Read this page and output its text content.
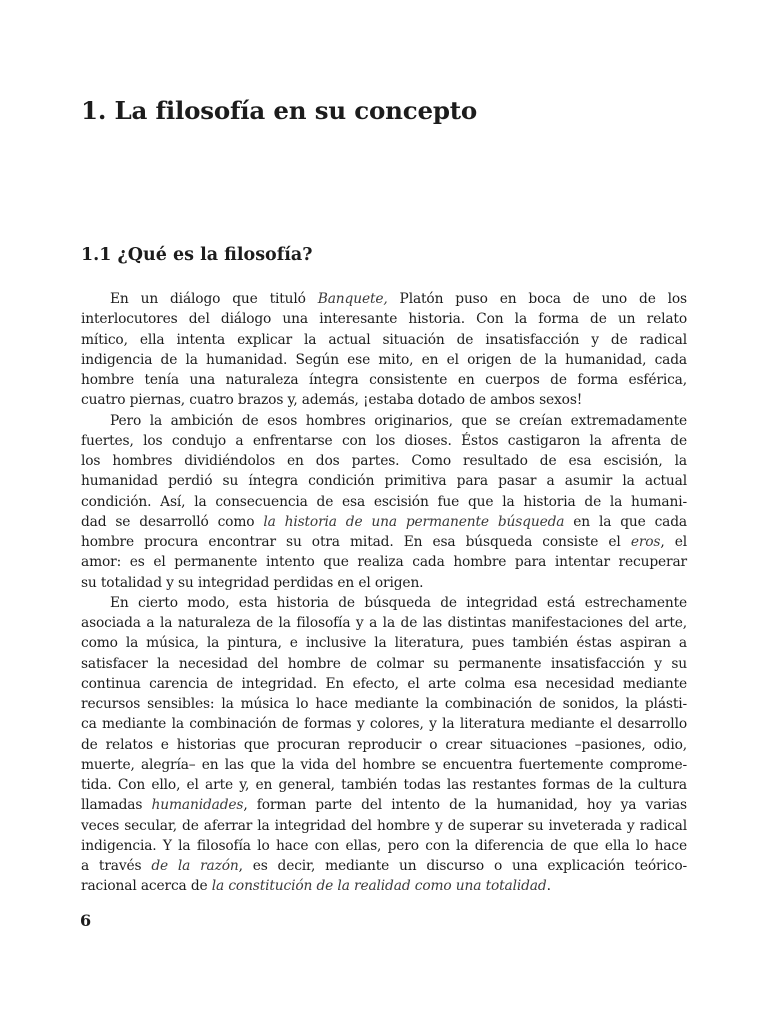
1. La filosofía en su concepto
1.1 ¿Qué es la filosofía?
En un diálogo que tituló Banquete, Platón puso en boca de uno de los
interlocutores del diálogo una interesante historia. Con la forma de un relato
mítico, ella intenta explicar la actual situación de insatisfacción y de radical
indigencia de la humanidad. Según ese mito, en el origen de la humanidad, cada
hombre tenía una naturaleza íntegra consistente en cuerpos de forma esférica,
cuatro piernas, cuatro brazos y, además, ¡estaba dotado de ambos sexos!
Pero la ambición de esos hombres originarios, que se creían extremadamente
fuertes, los condujo a enfrentarse con los dioses. Éstos castigaron la afrenta de
los hombres dividiéndolos en dos partes. Como resultado de esa escisión, la
humanidad perdió su íntegra condición primitiva para pasar a asumir la actual
condición. Así, la consecuencia de esa escisión fue que la historia de la humani-
dad se desarrolló como la historia de una permanente búsqueda en la que cada
hombre procura encontrar su otra mitad. En esa búsqueda consiste el eros, el
amor: es el permanente intento que realiza cada hombre para intentar recuperar
su totalidad y su integridad perdidas en el origen.
En cierto modo, esta historia de búsqueda de integridad está estrechamente
asociada a la naturaleza de la filosofía y a la de las distintas manifestaciones del arte,
como la música, la pintura, e inclusive la literatura, pues también éstas aspiran a
satisfacer la necesidad del hombre de colmar su permanente insatisfacción y su
continua carencia de integridad. En efecto, el arte colma esa necesidad mediante
recursos sensibles: la música lo hace mediante la combinación de sonidos, la plásti-
ca mediante la combinación de formas y colores, y la literatura mediante el desarrollo
de relatos e historias que procuran reproducir o crear situaciones –pasiones, odio,
muerte, alegría– en las que la vida del hombre se encuentra fuertemente comprome-
tida. Con ello, el arte y, en general, también todas las restantes formas de la cultura
llamadas humanidades, forman parte del intento de la humanidad, hoy ya varias
veces secular, de aferrar la integridad del hombre y de superar su inveterada y radical
indigencia. Y la filosofía lo hace con ellas, pero con la diferencia de que ella lo hace
a través de la razón, es decir, mediante un discurso o una explicación teórico-
racional acerca de la constitución de la realidad como una totalidad.
6
